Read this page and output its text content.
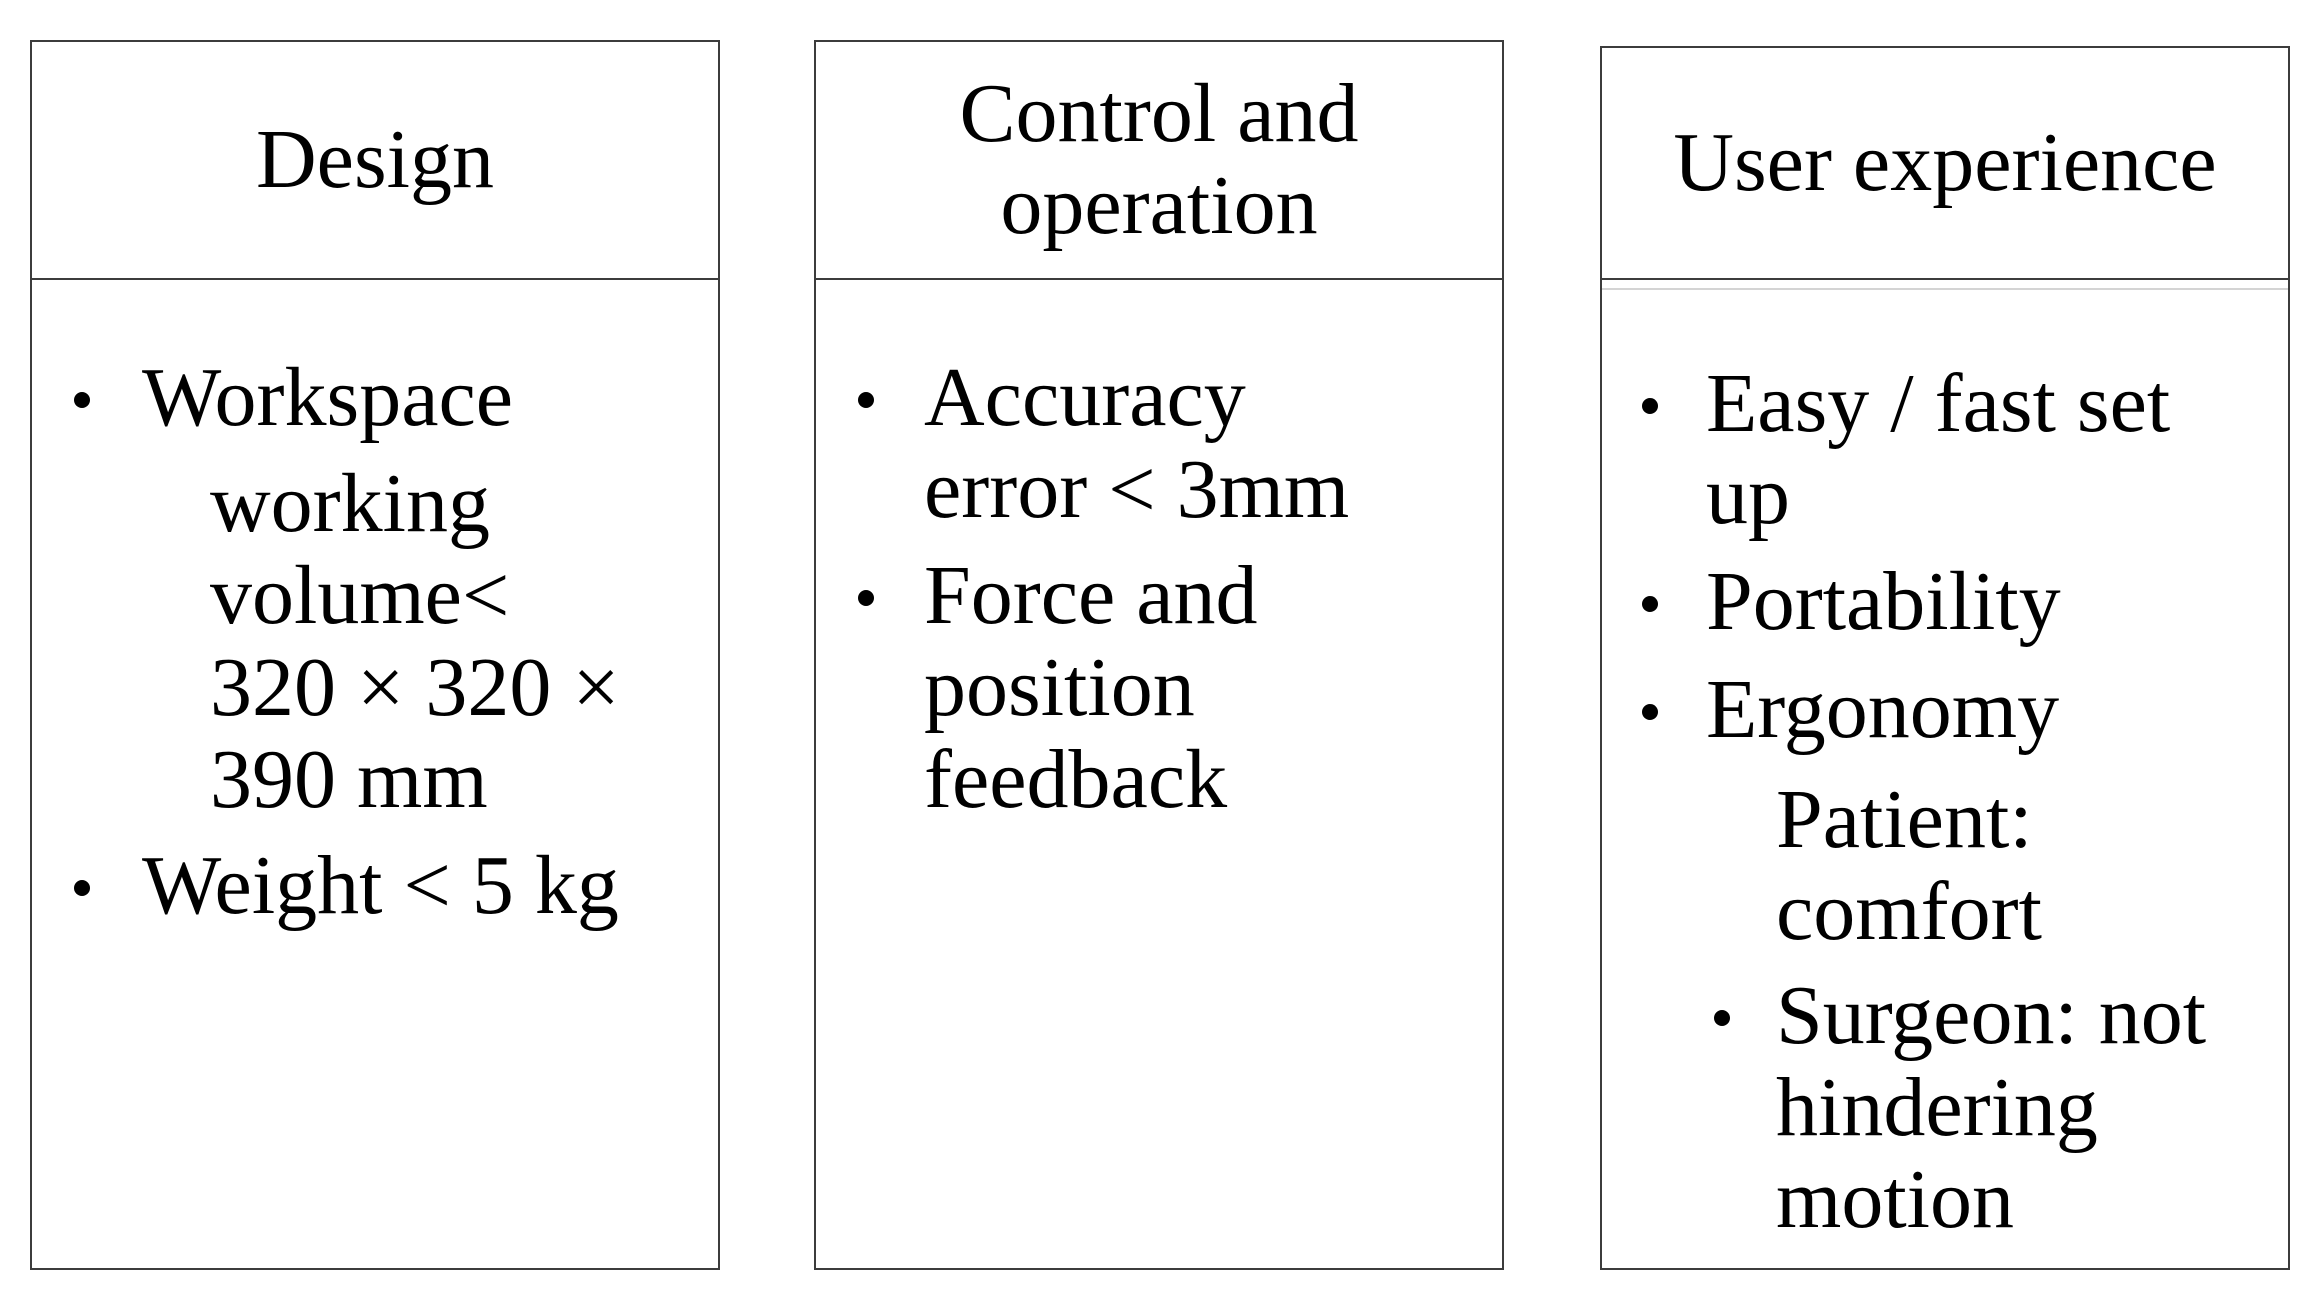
Design
Workspace
working
volume<
320 × 320 ×
390 mm
Weight < 5 kg
Control and operation
Accuracy
error < 3mm
Force and
position
feedback
User experience
Easy / fast set
up
Portability
Ergonomy
Patient:
comfort
Surgeon: not
hindering
motion
